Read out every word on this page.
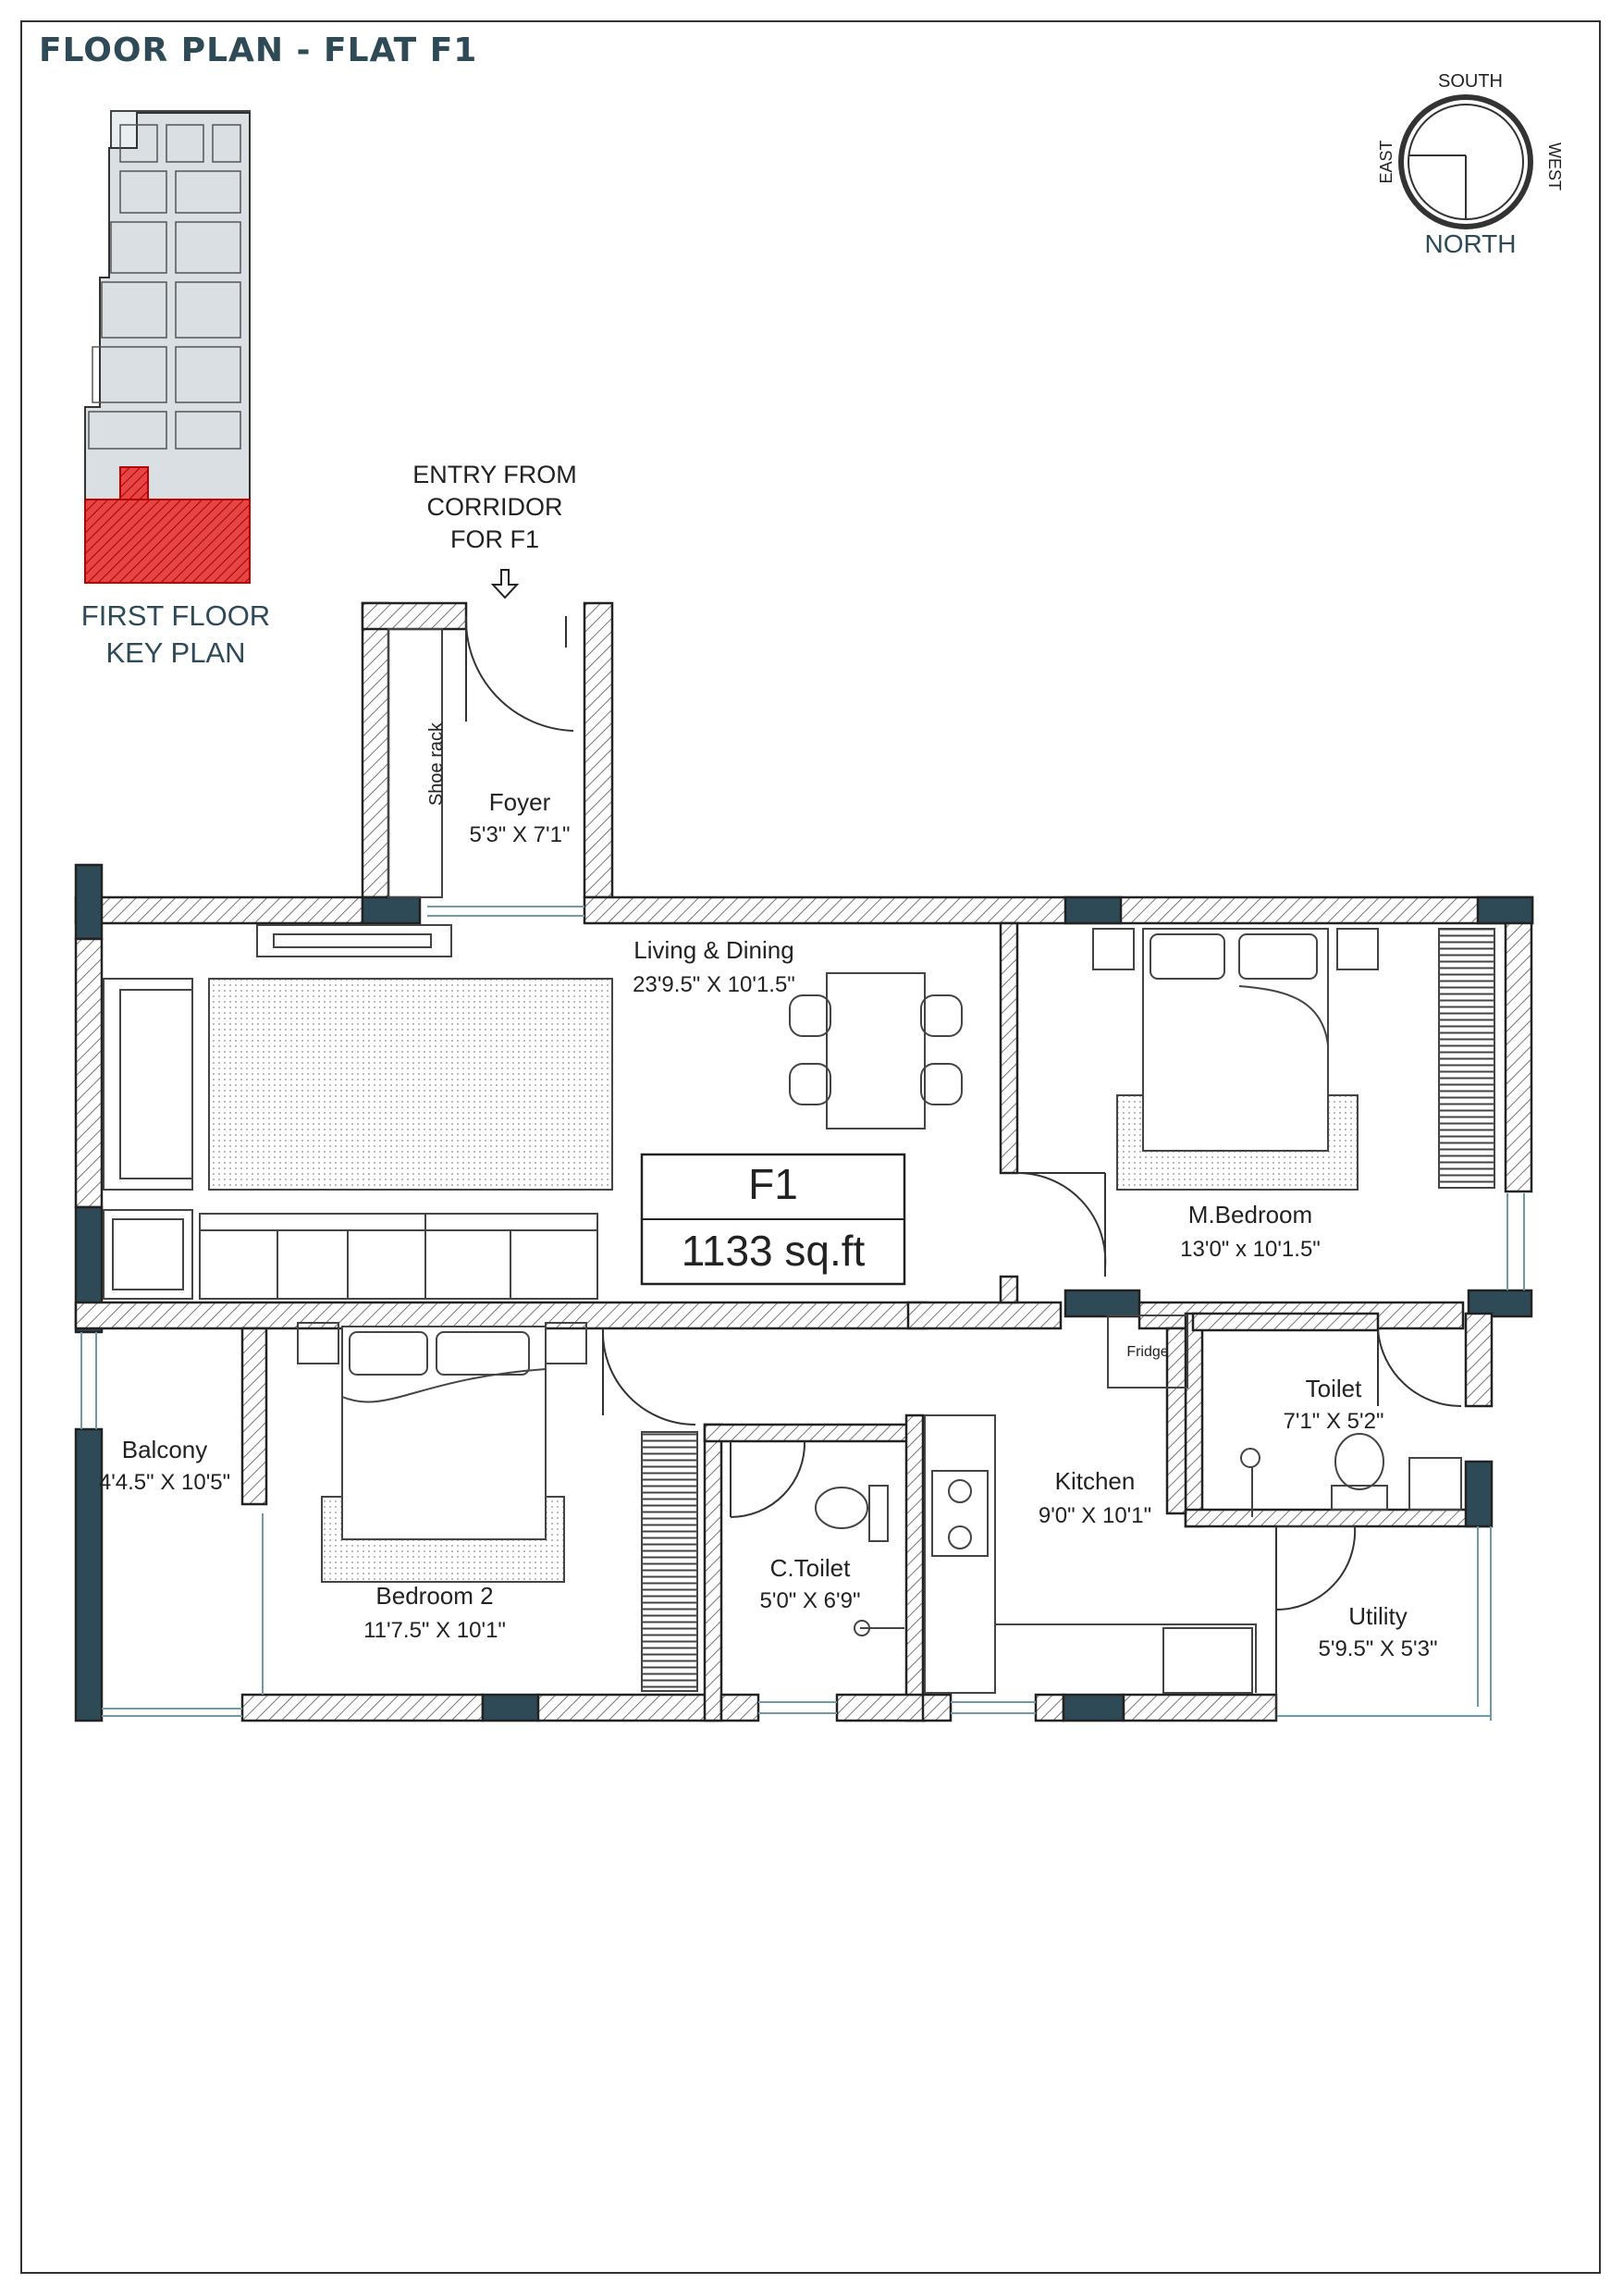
FLOOR PLAN - FLAT F1
FIRST FLOOR
KEY PLAN
ENTRY FROM
CORRIDOR
FOR F1
NORTH
SOUTH
EAST	WEST
F1
1133 sq.ft
Shoe rack Foyer
5'3" X 7'1"
Living & Dining
23'9.5" X 10'1.5"
M.Bedroom
13'0" x 10'1.5"
Balcony
4'4.5" X 10'5"
Bedroom 2
11'7.5" X 10'1"
C.Toilet
5'0" X 6'9"
Kitchen
9'0" X 10'1"
Toilet
7'1" X 5'2"
Utility
5'9.5" X 5'3"
Fridge
